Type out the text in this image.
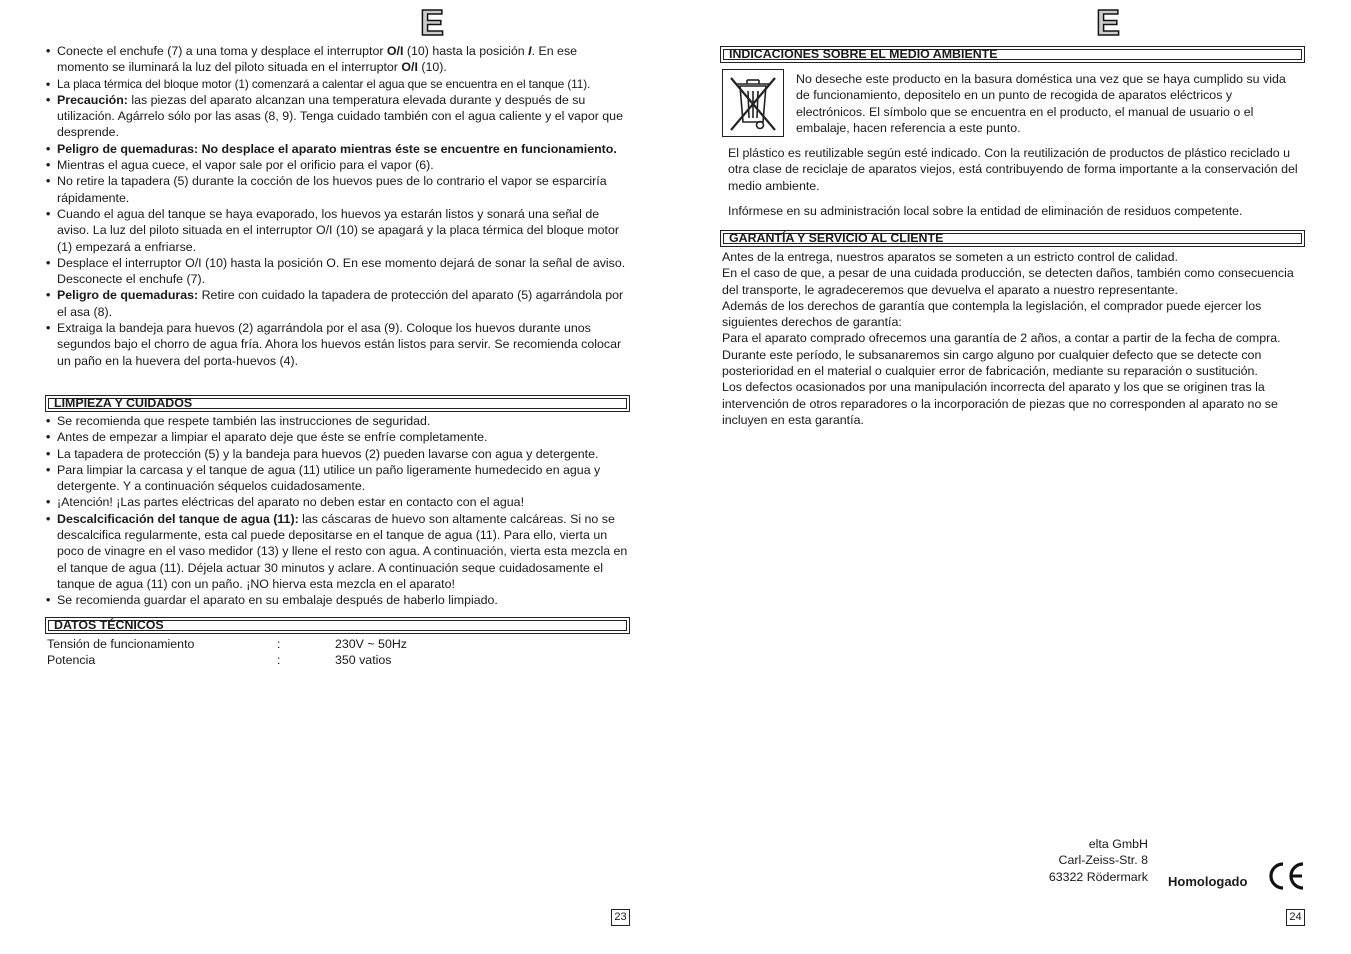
E
• Conecte el enchufe (7) a una toma y desplace el interruptor O/I (10) hasta la posición I. En ese momento se iluminará la luz del piloto situada en el interruptor O/I (10).
• La placa térmica del bloque motor (1) comenzará a calentar el agua que se encuentra en el tanque (11).
• Precaución: las piezas del aparato alcanzan una temperatura elevada durante y después de su utilización. Agárrelo sólo por las asas (8, 9). Tenga cuidado también con el agua caliente y el vapor que desprende.
• Peligro de quemaduras: No desplace el aparato mientras éste se encuentre en funcionamiento.
• Mientras el agua cuece, el vapor sale por el orificio para el vapor (6).
• No retire la tapadera (5) durante la cocción de los huevos pues de lo contrario el vapor se esparciría rápidamente.
• Cuando el agua del tanque se haya evaporado, los huevos ya estarán listos y sonará una señal de aviso. La luz del piloto situada en el interruptor O/I (10) se apagará y la placa térmica del bloque motor (1) empezará a enfriarse.
• Desplace el interruptor O/I (10) hasta la posición O. En ese momento dejará de sonar la señal de aviso. Desconecte el enchufe (7).
• Peligro de quemaduras: Retire con cuidado la tapadera de protección del aparato (5) agarrándola por el asa (8).
• Extraiga la bandeja para huevos (2) agarrándola por el asa (9). Coloque los huevos durante unos segundos bajo el chorro de agua fría. Ahora los huevos están listos para servir. Se recomienda colocar un paño en la huevera del porta-huevos (4).
LIMPIEZA Y CUIDADOS
• Se recomienda que respete también las instrucciones de seguridad.
• Antes de empezar a limpiar el aparato deje que éste se enfríe completamente.
• La tapadera de protección (5) y la bandeja para huevos (2) pueden lavarse con agua y detergente.
• Para limpiar la carcasa y el tanque de agua (11) utilice un paño ligeramente humedecido en agua y detergente. Y a continuación séquelos cuidadosamente.
• ¡Atención! ¡Las partes eléctricas del aparato no deben estar en contacto con el agua!
• Descalcificación del tanque de agua (11): las cáscaras de huevo son altamente calcáreas. Si no se descalcifica regularmente, esta cal puede depositarse en el tanque de agua (11). Para ello, vierta un poco de vinagre en el vaso medidor (13) y llene el resto con agua. A continuación, vierta esta mezcla en el tanque de agua (11). Déjela actuar 30 minutos y aclare. A continuación seque cuidadosamente el tanque de agua (11) con un paño. ¡NO hierva esta mezcla en el aparato!
• Se recomienda guardar el aparato en su embalaje después de haberlo limpiado.
DATOS TÉCNICOS
Tensión de funcionamiento	:	230V ~ 50Hz
Potencia	:	350 vatios
23
E
INDICACIONES SOBRE EL MEDIO AMBIENTE

No deseche este producto en la basura doméstica una vez que se haya cumplido su vida de funcionamiento, depositelo en un punto de recogida de aparatos eléctricos y electrónicos. El símbolo que se encuentra en el producto, el manual de usuario o el embalaje, hacen referencia a este punto.

El plástico es reutilizable según esté indicado. Con la reutilización de productos de plástico reciclado u otra clase de reciclaje de aparatos viejos, está contribuyendo de forma importante a la conservación del medio ambiente.

Infórmese en su administración local sobre la entidad de eliminación de residuos competente.

GARANTÍA Y SERVICIO AL CLIENTE

Antes de la entrega, nuestros aparatos se someten a un estricto control de calidad.
En el caso de que, a pesar de una cuidada producción, se detecten daños, también como consecuencia del transporte, le agradeceremos que devuelva el aparato a nuestro representante.
Además de los derechos de garantía que contempla la legislación, el comprador puede ejercer los siguientes derechos de garantía:
Para el aparato comprado ofrecemos una garantía de 2 años, a contar a partir de la fecha de compra. Durante este período, le subsanaremos sin cargo alguno por cualquier defecto que se detecte con posterioridad en el material o cualquier error de fabricación, mediante su reparación o sustitución.
Los defectos ocasionados por una manipulación incorrecta del aparato y los que se originen tras la intervención de otros reparadores o la incorporación de piezas que no corresponden al aparato no se incluyen en esta garantía.

elta GmbH
Carl-Zeiss-Str. 8
63322 Rödermark Homologado
24
